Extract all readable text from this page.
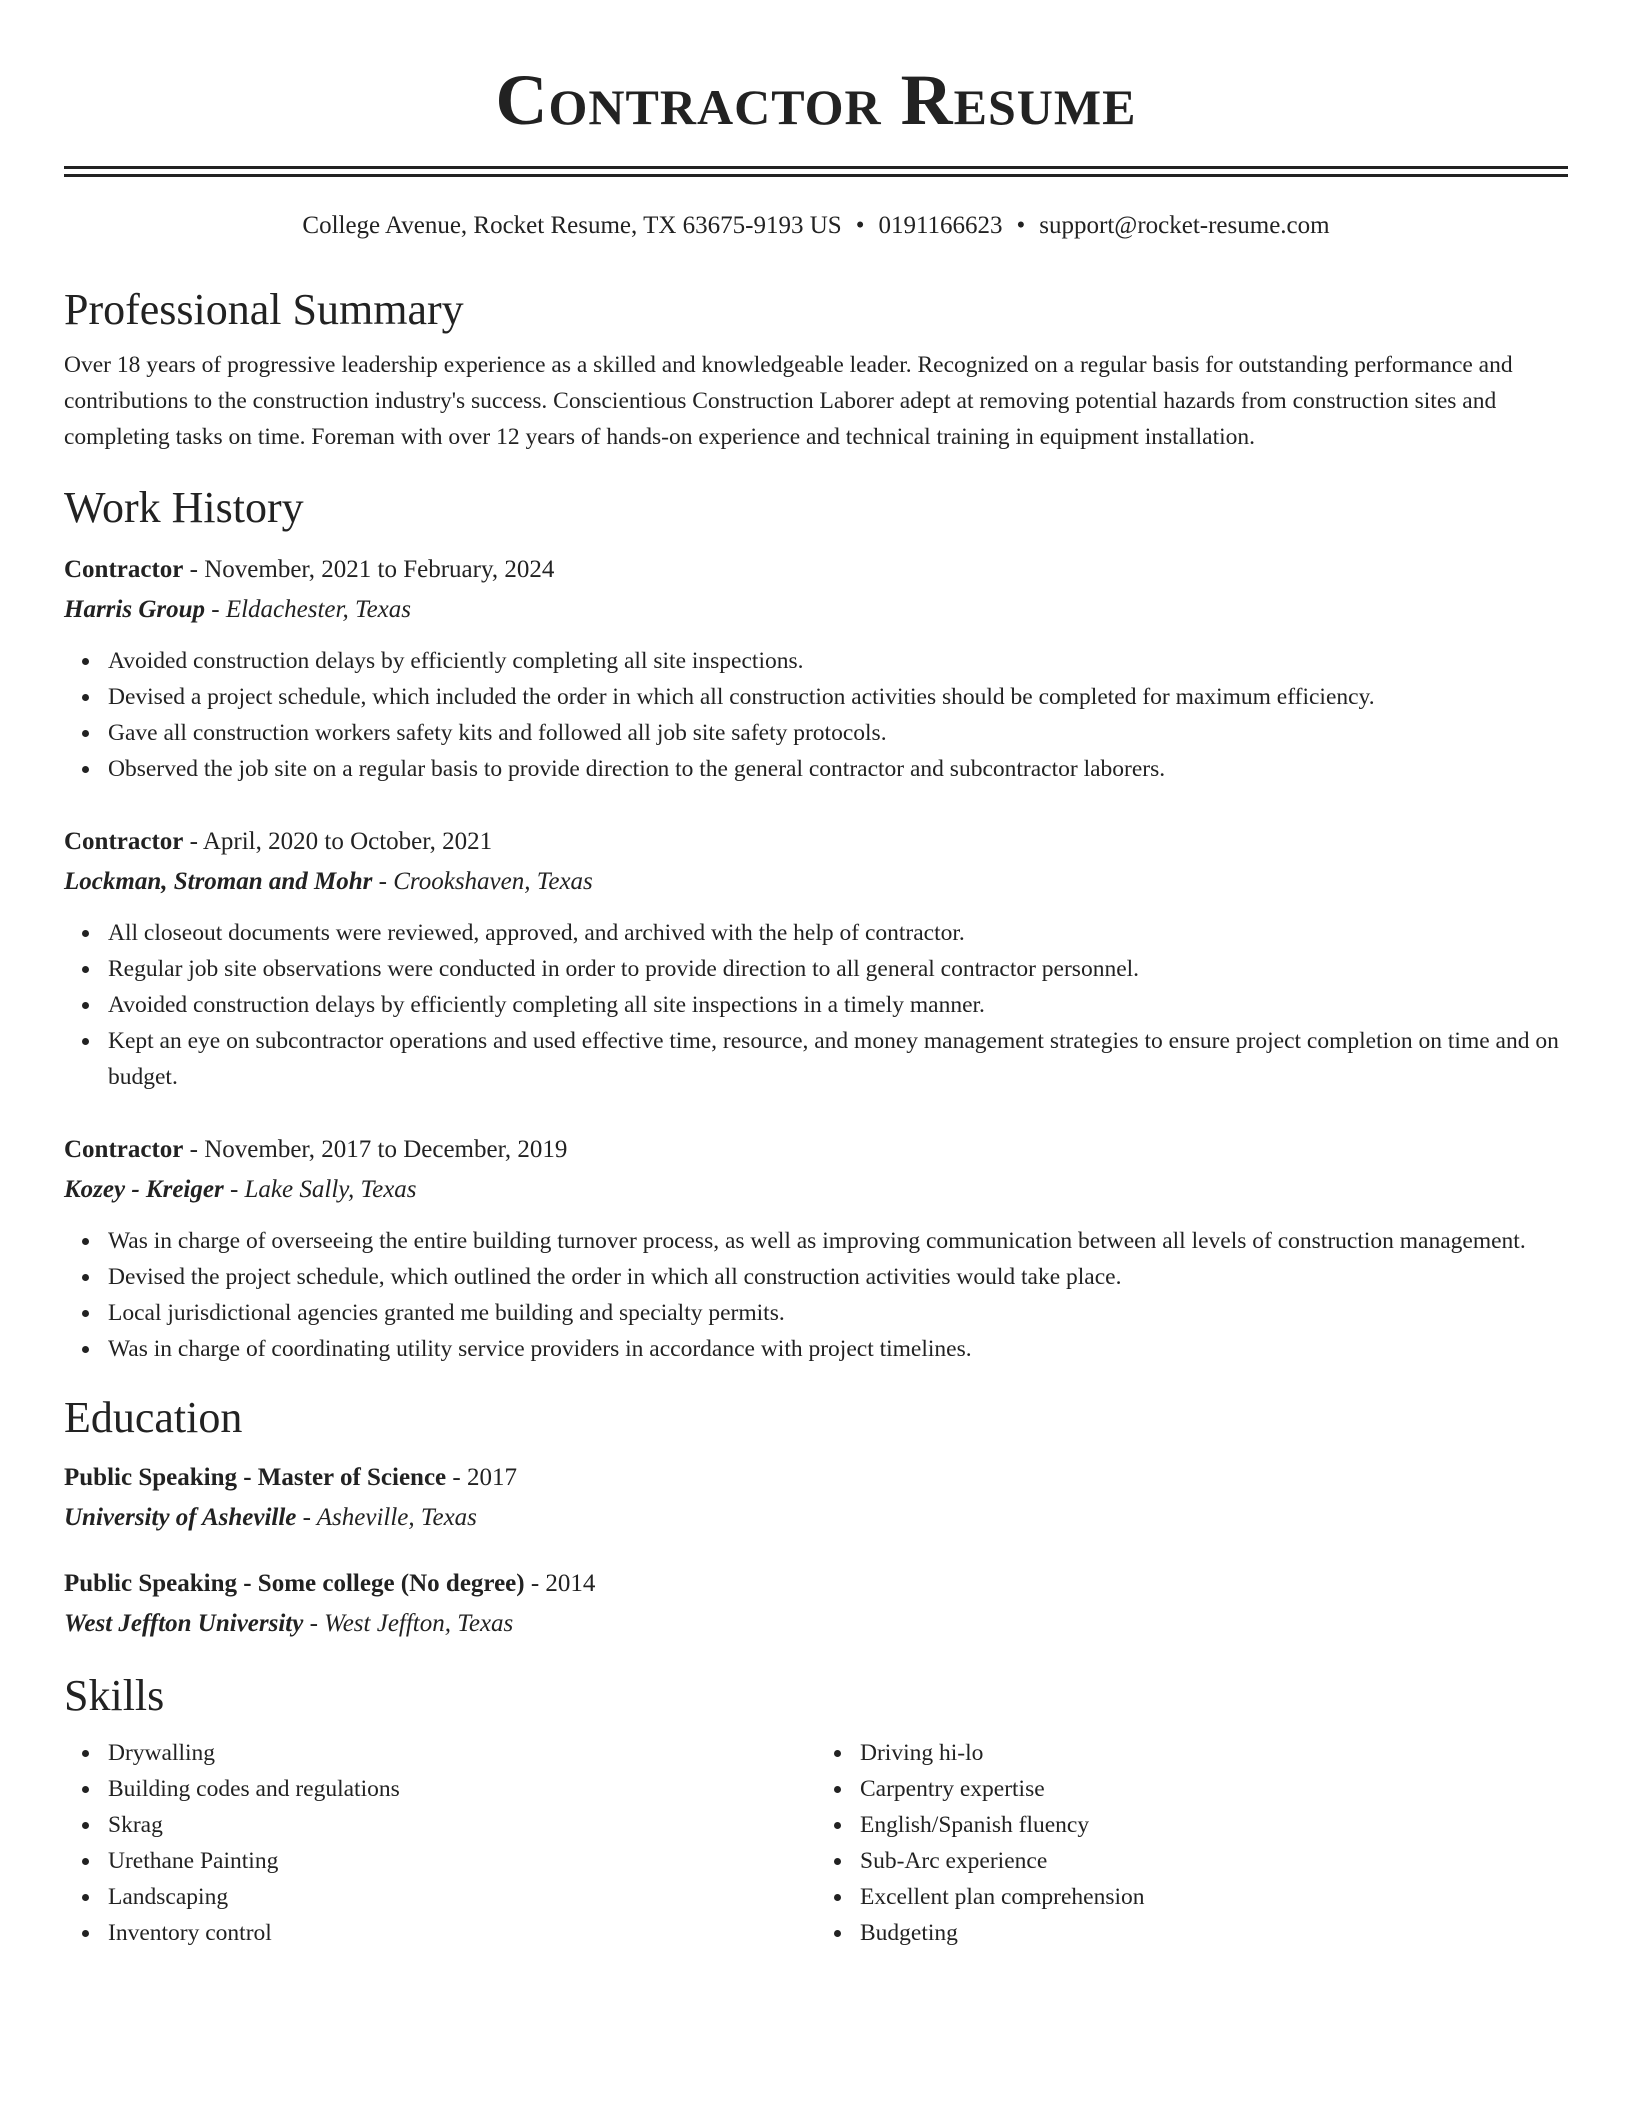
Contractor Resume
College Avenue, Rocket Resume, TX 63675-9193 US • 0191166623 • support@rocket-resume.com
Professional Summary
Over 18 years of progressive leadership experience as a skilled and knowledgeable leader. Recognized on a regular basis for outstanding performance and contributions to the construction industry's success. Conscientious Construction Laborer adept at removing potential hazards from construction sites and completing tasks on time. Foreman with over 12 years of hands-on experience and technical training in equipment installation.
Work History
Contractor - November, 2021 to February, 2024
Harris Group - Eldachester, Texas
Avoided construction delays by efficiently completing all site inspections.
Devised a project schedule, which included the order in which all construction activities should be completed for maximum efficiency.
Gave all construction workers safety kits and followed all job site safety protocols.
Observed the job site on a regular basis to provide direction to the general contractor and subcontractor laborers.
Contractor - April, 2020 to October, 2021
Lockman, Stroman and Mohr - Crookshaven, Texas
All closeout documents were reviewed, approved, and archived with the help of contractor.
Regular job site observations were conducted in order to provide direction to all general contractor personnel.
Avoided construction delays by efficiently completing all site inspections in a timely manner.
Kept an eye on subcontractor operations and used effective time, resource, and money management strategies to ensure project completion on time and on budget.
Contractor - November, 2017 to December, 2019
Kozey - Kreiger - Lake Sally, Texas
Was in charge of overseeing the entire building turnover process, as well as improving communication between all levels of construction management.
Devised the project schedule, which outlined the order in which all construction activities would take place.
Local jurisdictional agencies granted me building and specialty permits.
Was in charge of coordinating utility service providers in accordance with project timelines.
Education
Public Speaking - Master of Science - 2017
University of Asheville - Asheville, Texas
Public Speaking - Some college (No degree) - 2014
West Jeffton University - West Jeffton, Texas
Skills
Drywalling
Building codes and regulations
Skrag
Urethane Painting
Landscaping
Inventory control
Driving hi-lo
Carpentry expertise
English/Spanish fluency
Sub-Arc experience
Excellent plan comprehension
Budgeting
